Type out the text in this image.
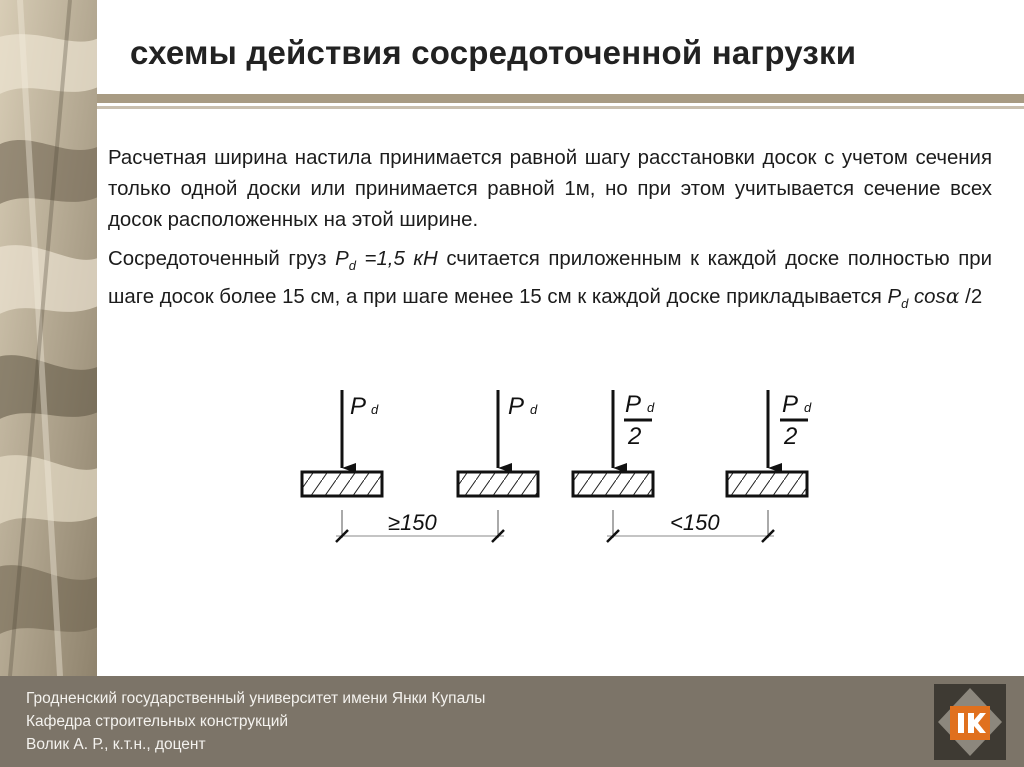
схемы действия сосредоточенной нагрузки

Расчетная ширина настила принимается равной шагу расстановки досок с учетом сечения только одной доски или принимается равной 1м, но при этом учитывается сечение всех досок расположенных на этой ширине.

Сосредоточенный груз $P_d =1,5$ кН считается приложенным к каждой доске полностью при шаге досок более 15 см, а при шаге менее 15 см к каждой доске прикладывается $P_d$ cosα /2

P d	P d	P d
2
P d
2
≥150	<150
Гродненский государственный университет имени Янки Купалы
Кафедра строительных конструкций
Волик А. Р., к.т.н., доцент
